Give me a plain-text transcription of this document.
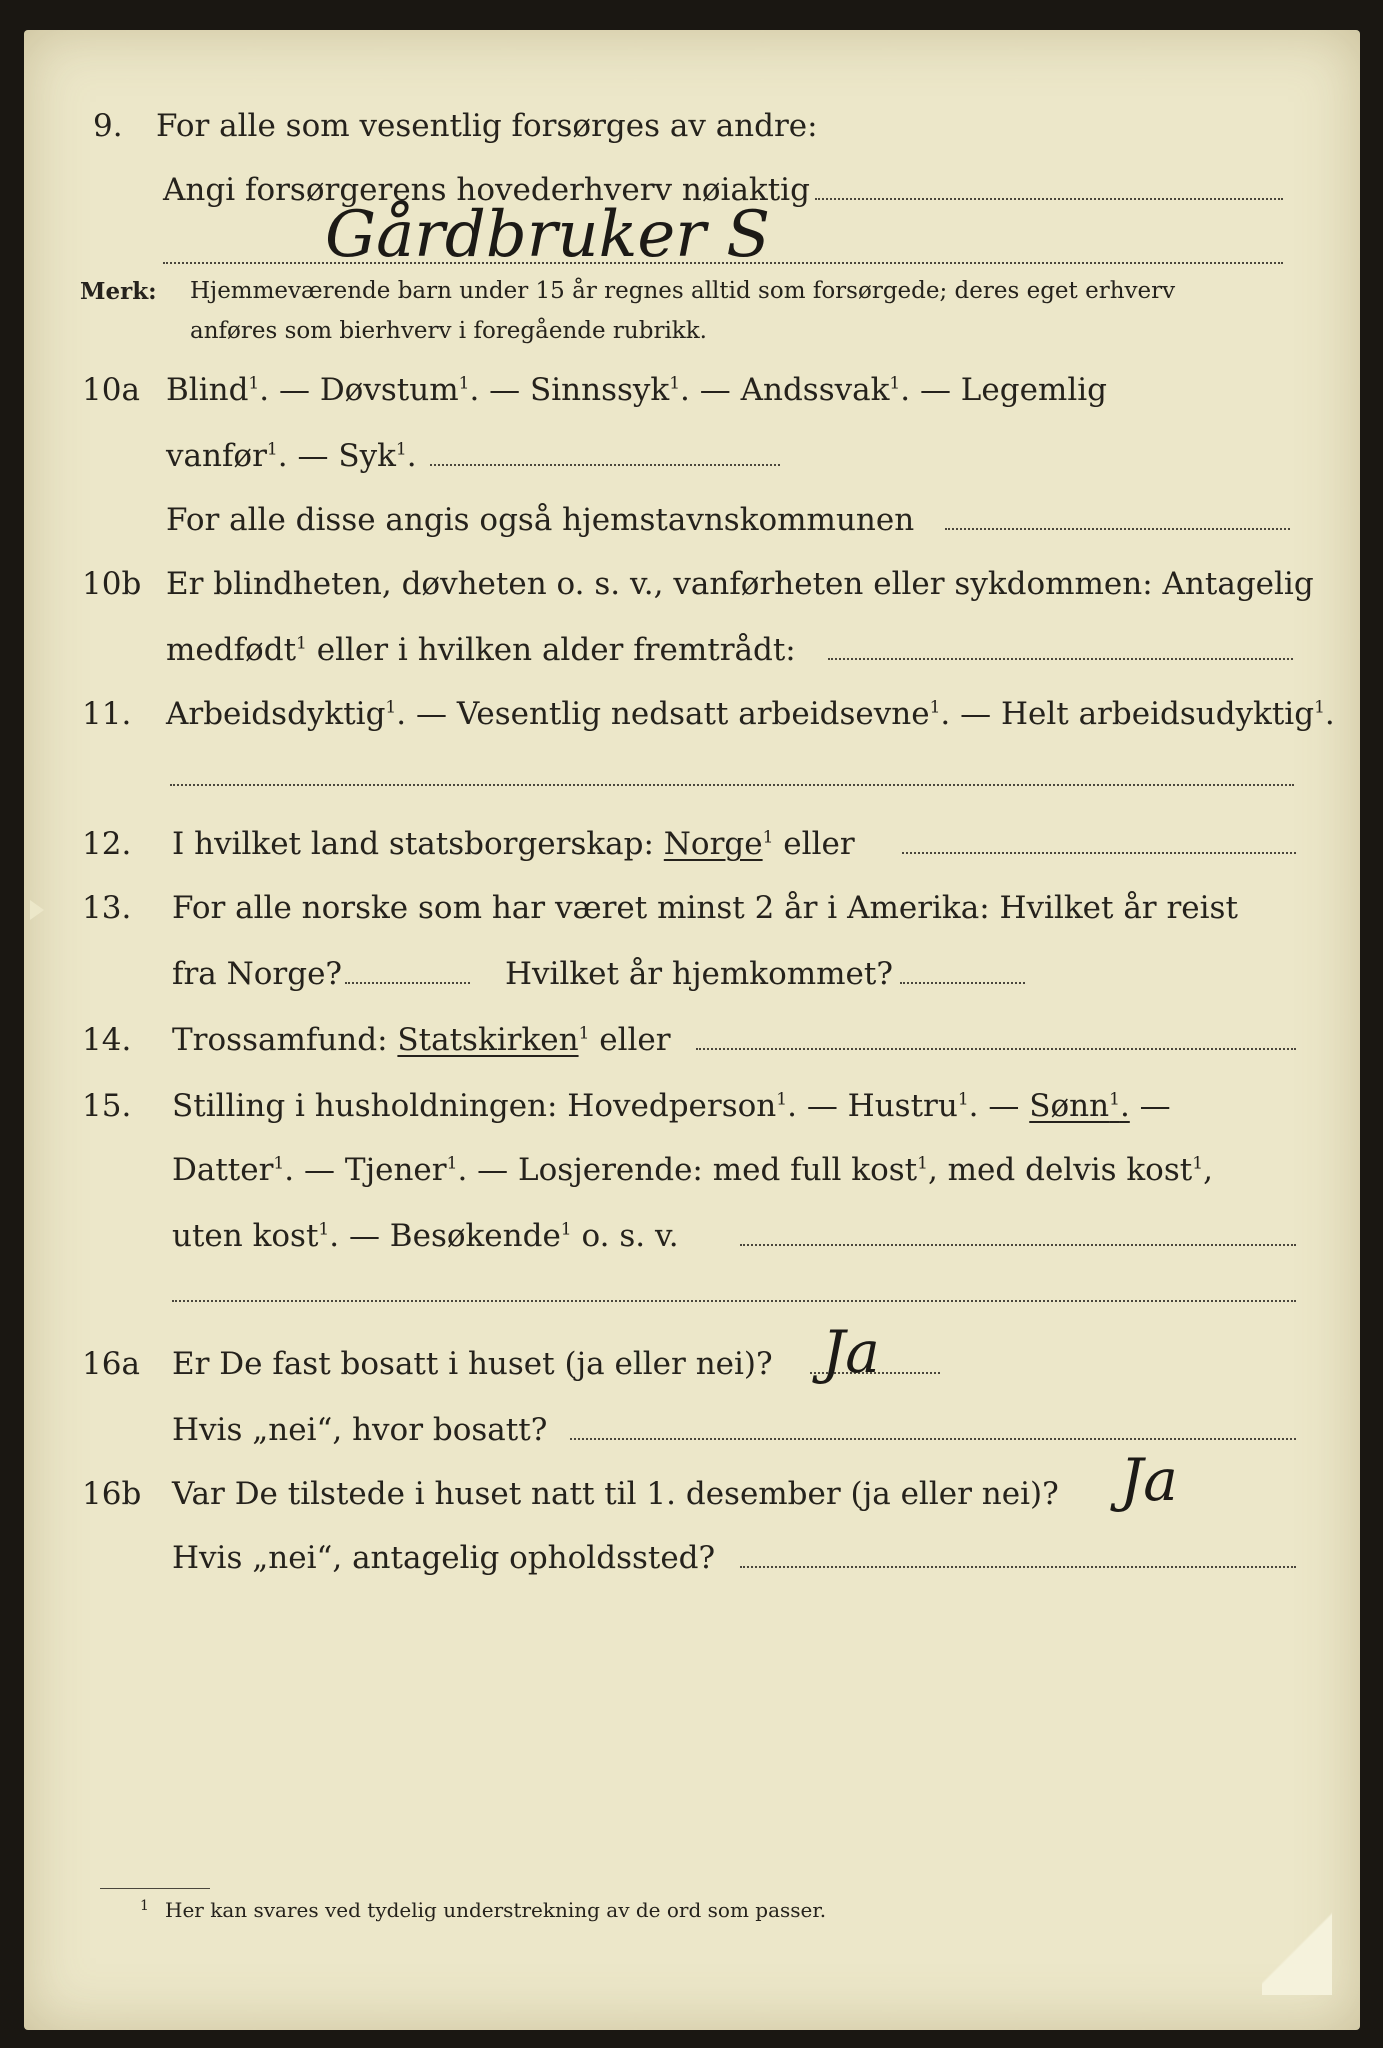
9. For alle som vesentlig forsørges av andre:
Angi forsørgerens hovederhverv nøiaktig
Gårdbruker S
Merk: Hjemmeværende barn under 15 år regnes alltid som forsørgede; deres eget erhverv
anføres som bierhverv i foregående rubrikk.
10a Blind$^1$. — Døvstum$^1$. — Sinnssyk$^1$. — Andssvak$^1$. — Legemlig
vanfør$^1$. — Syk$^1$.
For alle disse angis også hjemstavnskommunen
10b Er blindheten, døvheten o. s. v., vanførheten eller sykdommen: Antagelig
medfødt$^1$ eller i hvilken alder fremtrådt:
11. Arbeidsdyktig$^1$. — Vesentlig nedsatt arbeidsevne$^1$. — Helt arbeidsudyktig$^1$.
12. I hvilket land statsborgerskap: Norge$^1$ eller
13. For alle norske som har været minst 2 år i Amerika: Hvilket år reist
fra Norge?	Hvilket år hjemkommet?
14. Trossamfund: Statskirken$^1$ eller
15. Stilling i husholdningen: Hovedperson$^1$. — Hustru$^1$. — Sønn$^1$. —
Datter$^1$. — Tjener$^1$. — Losjerende: med full kost$^1$, med delvis kost$^1$,
uten kost$^1$. — Besøkende$^1$ o. s. v.
16a Er De fast bosatt i huset (ja eller nei)? Ja
Hvis „nei“, hvor bosatt?
16b Var De tilstede i huset natt til 1. desember (ja eller nei)? Ja
Hvis „nei“, antagelig opholdssted?
1 Her kan svares ved tydelig understrekning av de ord som passer.
